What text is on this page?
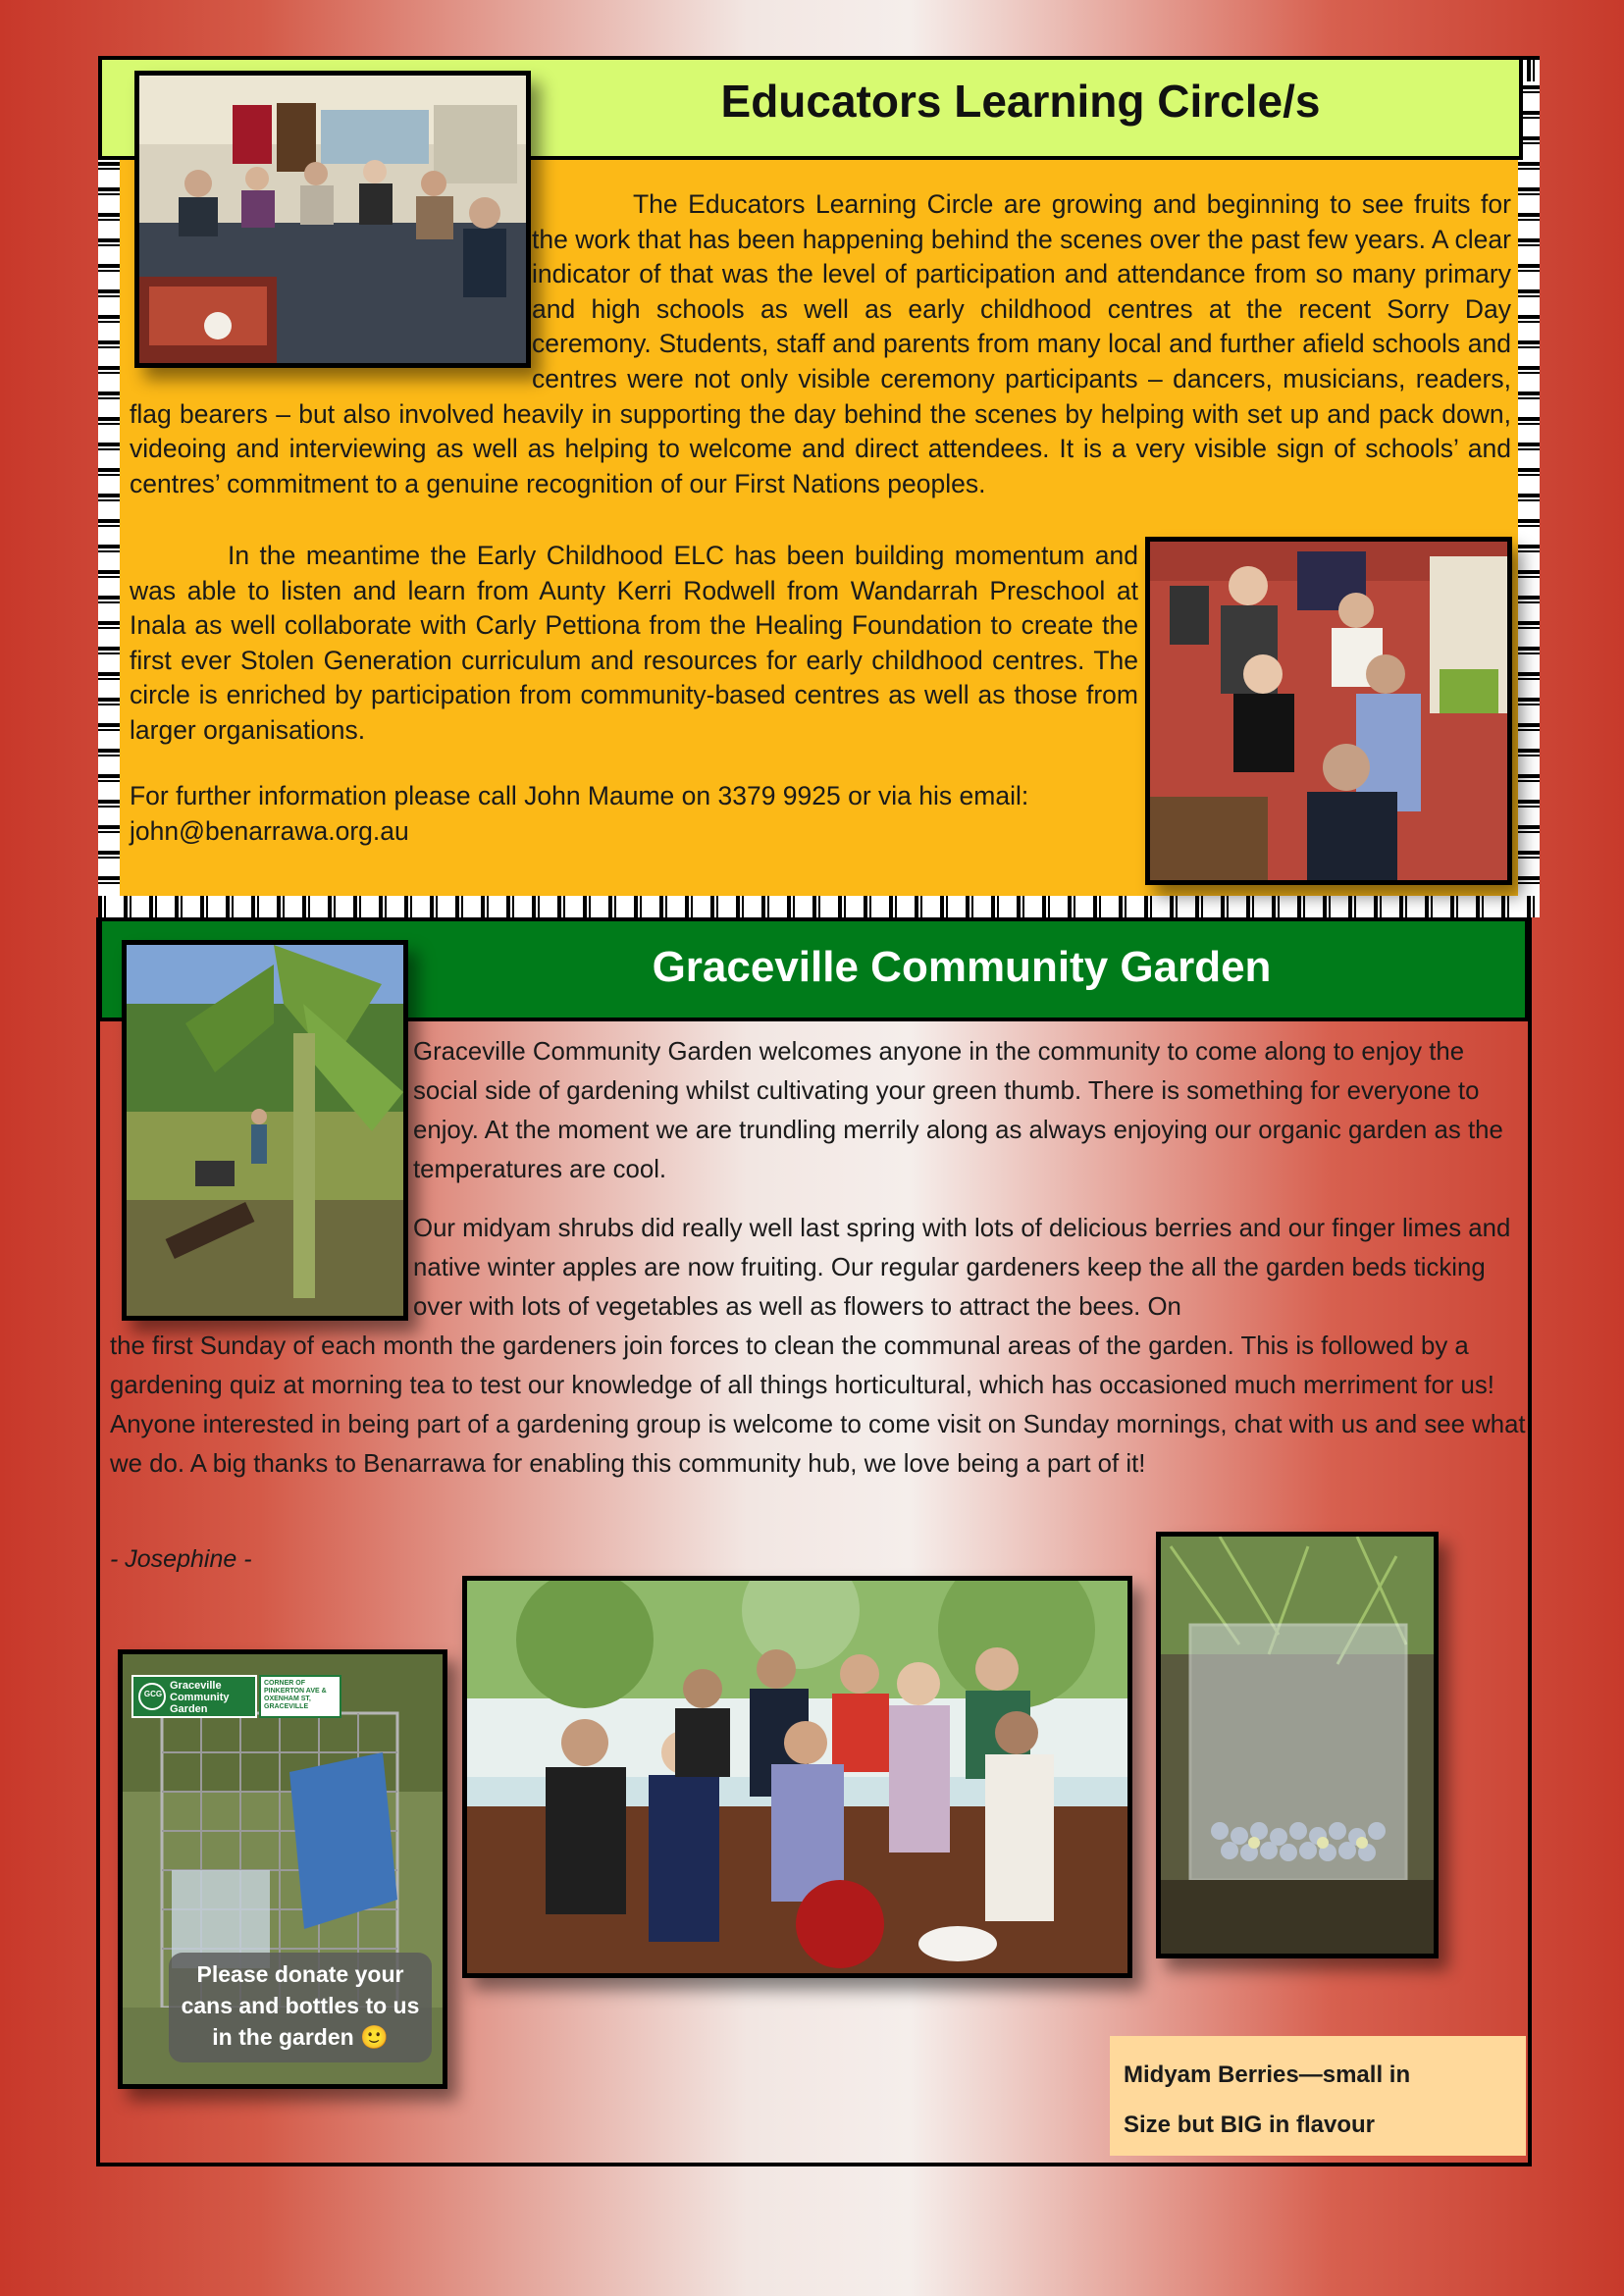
Educators Learning Circle/s
The Educators Learning Circle are growing and beginning to see fruits for the work that has been happening behind the scenes over the past few years. A clear indicator of that was the level of participation and attendance from so many primary and high schools as well as early childhood centres at the recent Sorry Day ceremony. Students, staff and parents from many local and further afield schools and centres were not only visible ceremony participants – dancers, musicians, readers, flag bearers – but also involved heavily in supporting the day behind the scenes by helping with set up and pack down, videoing and interviewing as well as helping to welcome and direct attendees. It is a very visible sign of schools’ and centres’ commitment to a genuine recognition of our First Nations peoples.
In the meantime the Early Childhood ELC has been building momentum and was able to listen and learn from Aunty Kerri Rodwell from Wandarrah Preschool at Inala as well collaborate with Carly Pettiona from the Healing Foundation to create the first ever Stolen Generation curriculum and resources for early childhood centres. The circle is enriched by participation from community-based centres as well as those from larger organisations.
For further information please call John Maume on 3379 9925 or via his email: john@benarrawa.org.au
Graceville Community Garden
Graceville Community Garden welcomes anyone in the community to come along to enjoy the social side of gardening whilst cultivating your green thumb. There is something for everyone to enjoy. At the moment we are trundling merrily along as always enjoying our organic garden as the temperatures are cool.
Our midyam shrubs did really well last spring with lots of delicious berries and our finger limes and native winter apples are now fruiting. Our regular gardeners keep the all the garden beds ticking over with lots of vegetables as well as flowers to attract the bees. On
the first Sunday of each month the gardeners join forces to clean the communal areas of the garden. This is followed by a gardening quiz at morning tea to test our knowledge of all things horticultural, which has occasioned much merriment for us! Anyone interested in being part of a gardening group is welcome to come visit on Sunday mornings, chat with us and see what we do. A big thanks to Benarrawa for enabling this community hub, we love being a part of it!
- Josephine -
GCG
Graceville Community Garden
CORNER OF PINKERTON AVE & OXENHAM ST, GRACEVILLE
Please donate your
cans and bottles to us
in the garden 🙂
Midyam Berries—small in
Size but BIG in flavour
